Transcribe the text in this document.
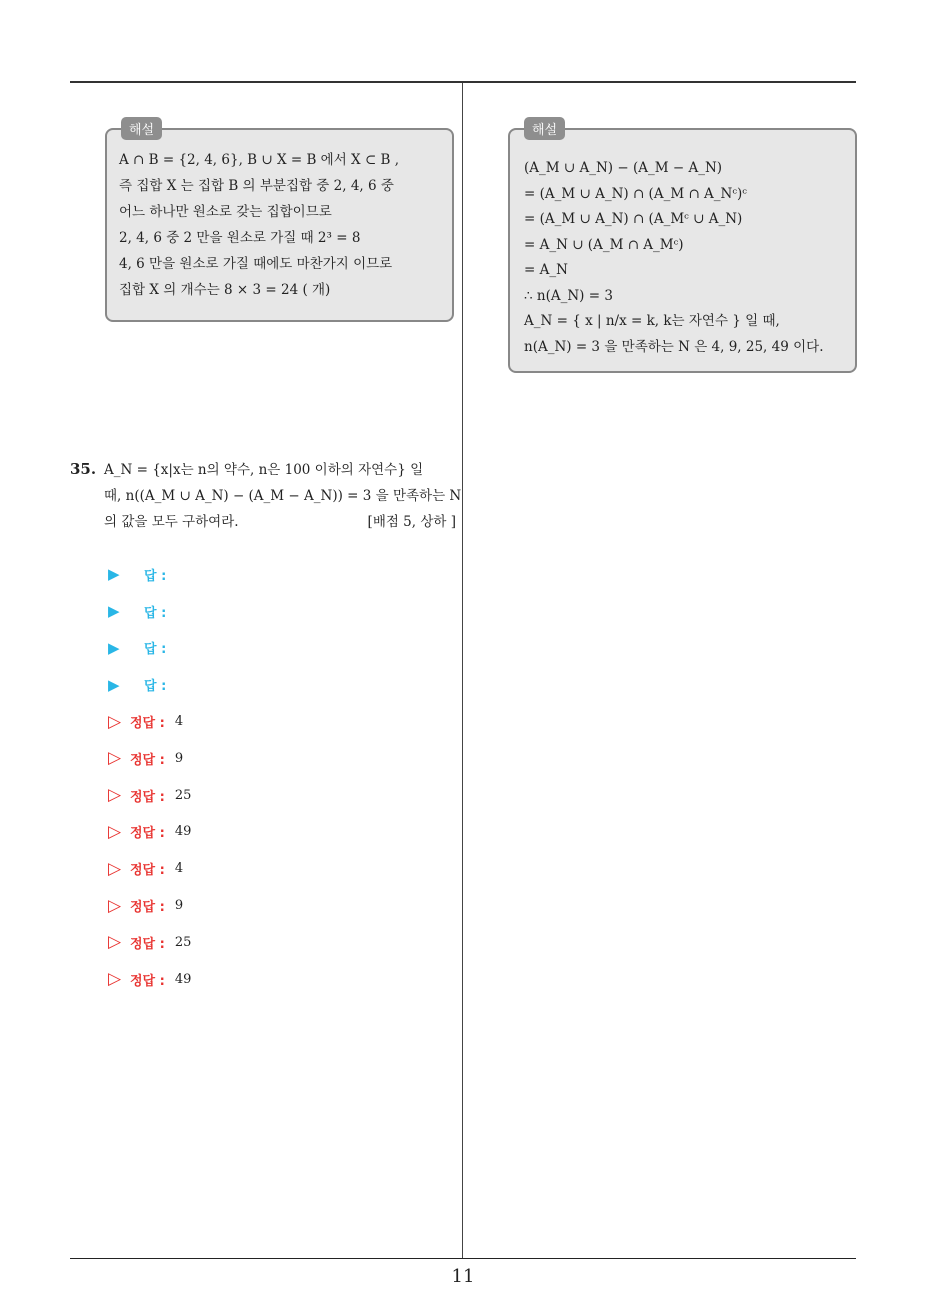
해설
A ∩ B = {2, 4, 6}, B ∪ X = B 에서 X ⊂ B ,
즉 집합 X 는 집합 B 의 부분집합 중 2, 4, 6 중
어느 하나만 원소로 갖는 집합이므로
2, 4, 6 중 2 만을 원소로 가질 때 2³ = 8
4, 6 만을 원소로 가질 때에도 마찬가지 이므로
집합 X 의 개수는 8 × 3 = 24 ( 개)
해설
(A_M ∪ A_N) − (A_M − A_N)
= (A_M ∪ A_N) ∩ (A_M ∩ A_Nᶜ)ᶜ
= (A_M ∪ A_N) ∩ (A_Mᶜ ∪ A_N)
= A_N ∪ (A_M ∩ A_Mᶜ)
= A_N
∴ n(A_N) = 3
A_N = { x | n/x = k, k는 자연수 } 일 때,
n(A_N) = 3 을 만족하는 N 은 4, 9, 25, 49 이다.
35. A_N = {x|x는 n의 약수, n은 100 이하의 자연수} 일
때, n((A_M ∪ A_N) − (A_M − A_N)) = 3 을 만족하는 N
의 값을 모두 구하여라.	[배점 5, 상하 ]
▶	답 :
▶	답 :
▶	답 :
▶	답 :
▷ 정답 : 4
▷ 정답 : 9
▷ 정답 : 25
▷ 정답 : 49
▷ 정답 : 4
▷ 정답 : 9
▷ 정답 : 25
▷ 정답 : 49
11
